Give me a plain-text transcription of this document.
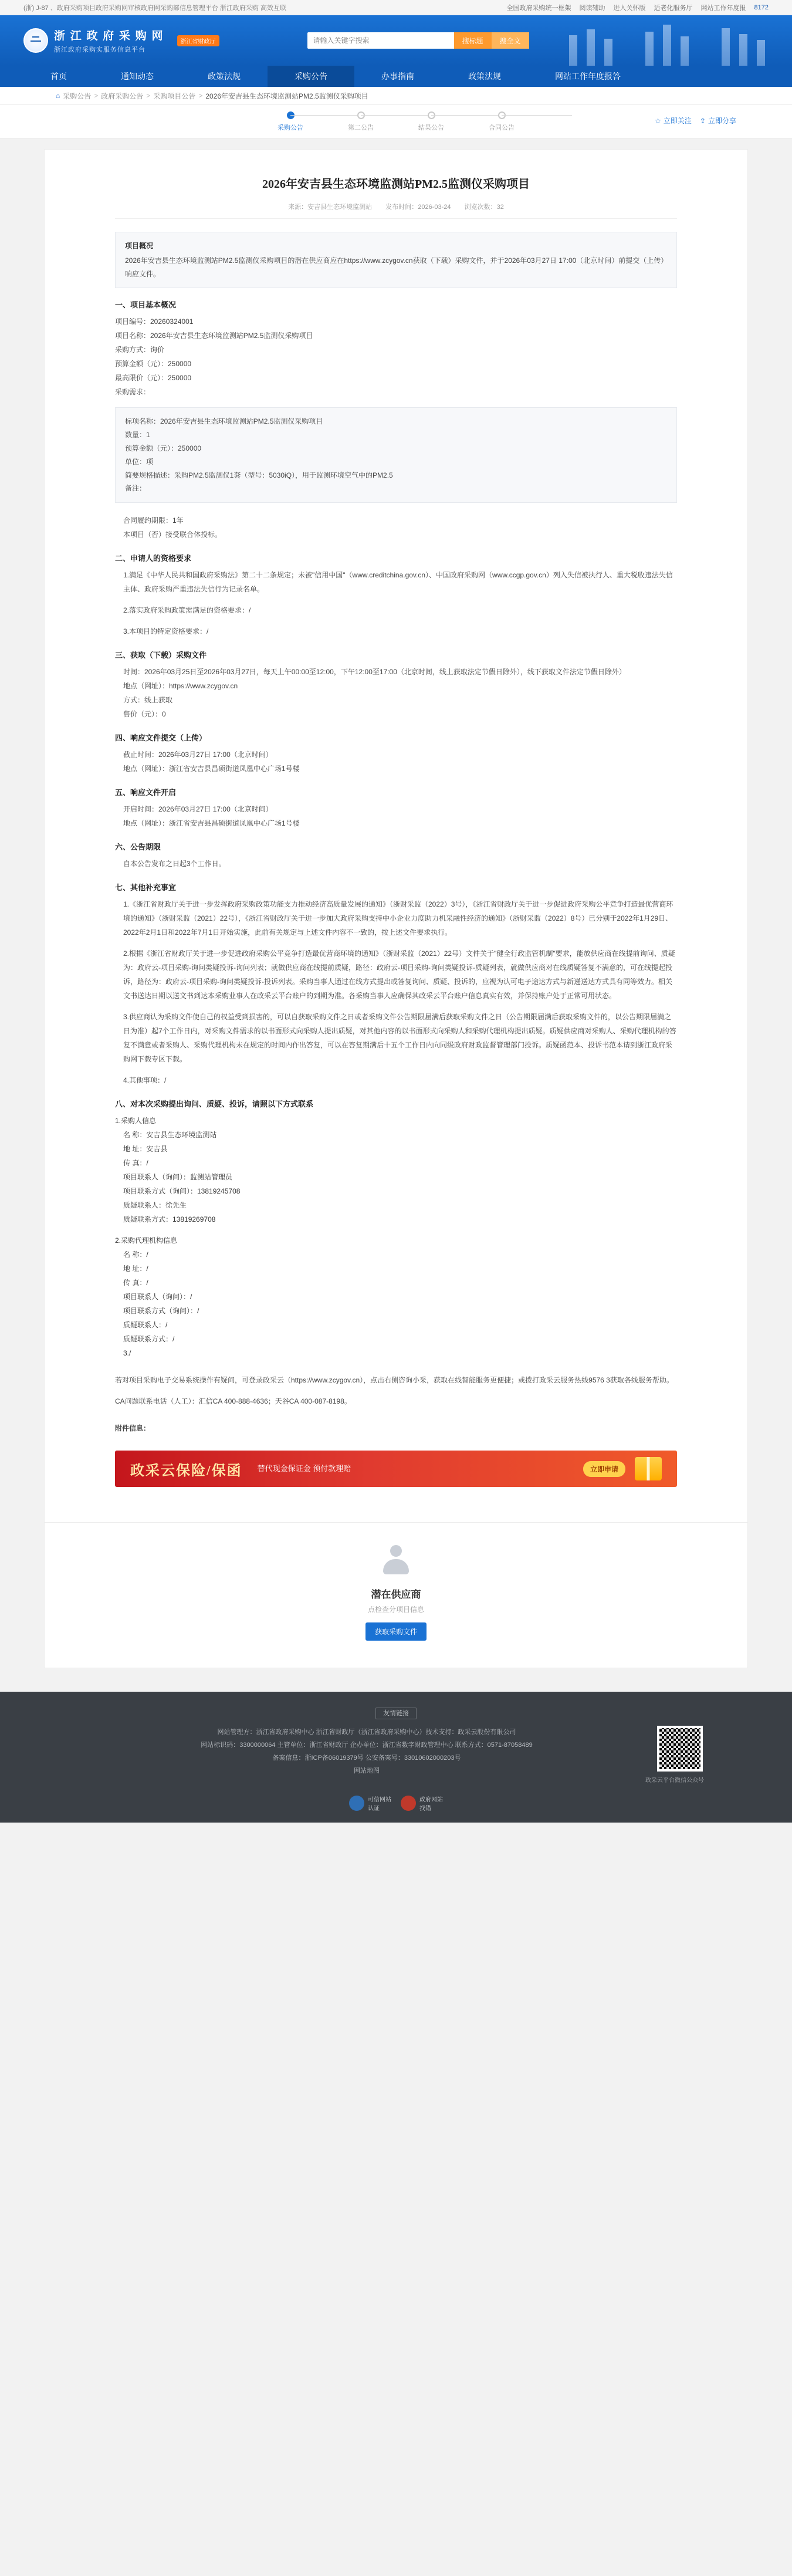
(浙) J-87 、政府采购项目政府采购网审核政府网采购部信息管理平台 浙江政府采购 高效互联	全国政府采购统一框架 阅读辅助 进入关怀版 适老化服务厅 网站工作年度报 8172
浙 江 政 府 采 购 网
浙江政府采购实服务信息平台
浙江省财政厅
请输入关键字搜索	搜标题	搜全文
首页	通知动态	政策法规	采购公告	办事指南	政策法规	网站工作年度报答
⌂ 采购公告 > 政府采购公告 > 采购项目公告 > 2026年安吉县生态环境监测站PM2.5监测仪采购项目
采购公告	第二公告	结果公告	合同公告
☆ 立即关注 ⇪ 立即分享
2026年安吉县生态环境监测站PM2.5监测仪采购项目
来源：安吉县生态环境监测站 发布时间：2026-03-24 浏览次数：32
项目概况
2026年安吉县生态环境监测站PM2.5监测仪采购项目的潜在供应商应在https://www.zcygov.cn获取（下载）采购文件，并于2026年03月27日 17:00（北京时间）前提交（上传）响应文件。
一、项目基本概况

项目编号：20260324001

项目名称：2026年安吉县生态环境监测站PM2.5监测仪采购项目

采购方式：询价

预算金额（元）：250000

最高限价（元）：250000

采购需求：

标项名称：2026年安吉县生态环境监测站PM2.5监测仪采购项目
数量：1
预算金额（元）：250000
单位：项
简要规格描述：采购PM2.5监测仪1套（型号：5030iQ），用于监测环境空气中的PM2.5
备注：

合同履约期限：1年

本项目（否）接受联合体投标。

二、申请人的资格要求

1.满足《中华人民共和国政府采购法》第二十二条规定；未被"信用中国"（www.creditchina.gov.cn）、中国政府采购网（www.ccgp.gov.cn）列入失信被执行人、重大税收违法失信主体、政府采购严重违法失信行为记录名单。

2.落实政府采购政策需满足的资格要求：/

3.本项目的特定资格要求：/

三、获取（下载）采购文件

时间：2026年03月25日至2026年03月27日，每天上午00:00至12:00，下午12:00至17:00（北京时间，线上获取法定节假日除外），线下获取文件法定节假日除外）

地点（网址）：https://www.zcygov.cn

方式：线上获取

售价（元）：0

四、响应文件提交（上传）

截止时间：2026年03月27日 17:00（北京时间）

地点（网址）：浙江省安吉县昌硕街道凤凰中心广场1号楼

五、响应文件开启

开启时间：2026年03月27日 17:00（北京时间）

地点（网址）：浙江省安吉县昌硕街道凤凰中心广场1号楼

六、公告期限

自本公告发布之日起3个工作日。

七、其他补充事宜

1.《浙江省财政厅关于进一步发挥政府采购政策功能支力推动经济高质量发展的通知》（浙财采监（2022）3号），《浙江省财政厅关于进一步促进政府采购公平竞争打造最优营商环境的通知》（浙财采监（2021）22号），《浙江省财政厅关于进一步加大政府采购支持中小企业力度助力机采融性经济的通知》（浙财采监（2022）8号）已分别于2022年1月29日、2022年2月1日和2022年7月1日开始实施，此前有关规定与上述文件内容不一致的，按上述文件要求执行。

2.根据《浙江省财政厅关于进一步促进政府采购公平竞争打造最优营商环境的通知》（浙财采监（2021）22号）文件关于"健全行政监管机制"要求，能放供应商在线提前询问、质疑为：政府云-项目采购-询问类疑投诉-询问列表；就做供应商在线提前质疑，路径：政府云-项目采购-询问类疑投诉-质疑列表，就做供应商对在线质疑答复不满意的，可在线提起投诉，路径为：政府云-项目采购-询问类疑投诉-投诉列表。采购当事人通过在线方式提出或答复询问、质疑、投诉的，应视为认可电子途达方式与新递送达方式具有同等效力。相关文书送达日期以送文书到达本采购业事人在政采云平台账户的到期为准。各采购当事人应确保其政采云平台账户信息真实有效，并保持账户处于正常可用状态。

3.供应商认为采购文件使自己的权益受到损害的，可以自获取采购文件之日或者采购文件公告期限届满后获取采购文件之日（公告期限届满后获取采购文件的，以公告期限届满之日为准）起7个工作日内，对采购文件需求的以书面形式向采购人提出质疑，对其他内容的以书面形式向采购人和采购代理机构提出质疑。质疑供应商对采购人、采购代理机构的答复不满意或者采购人、采购代理机构未在规定的时间内作出答复，可以在答复期满后十五个工作日内向同级政府财政监督管理部门投诉。质疑函范本、投诉书范本请到浙江政府采购网下载专区下载。

4.其他事项：/

八、对本次采购提出询问、质疑、投诉，请照以下方式联系

1.采购人信息

名 称：安吉县生态环境监测站

地 址：安吉县

传 真：/

项目联系人（询问）：监测站管理员

项目联系方式（询问）：13819245708

质疑联系人：徐先生

质疑联系方式：13819269708

2.采购代理机构信息

名 称：/

地 址：/

传 真：/

项目联系人（询问）：/

项目联系方式（询问）：/

质疑联系人：/

质疑联系方式：/

3./

若对项目采购电子交易系统操作有疑问，可登录政采云（https://www.zcygov.cn），点击右侧咨询小采，获取在线智能服务更便捷；或拨打政采云服务热线9576 3获取各线服务帮助。

CA问题联系电话（人工）：汇信CA 400-888-4636；天谷CA 400-087-8198。

附件信息：

政采云保险/保函 替代现金保证金 预付款理赔	立即申请
潜在供应商
点检查分项目信息
获取采购文件
友情链接
网站管理方：浙江省政府采购中心 浙江省财政厅（浙江省政府采购中心）技术支持：政采云股份有限公司
网站标识码：3300000064 主管单位：浙江省财政厅 企办单位：浙江省数字财政管理中心 联系方式：0571-87058489
备案信息：浙ICP备06019379号 公安备案号：33010602000203号
网站地图
政采云平台微信公众号
可信网站
认证
政府网站
找错
